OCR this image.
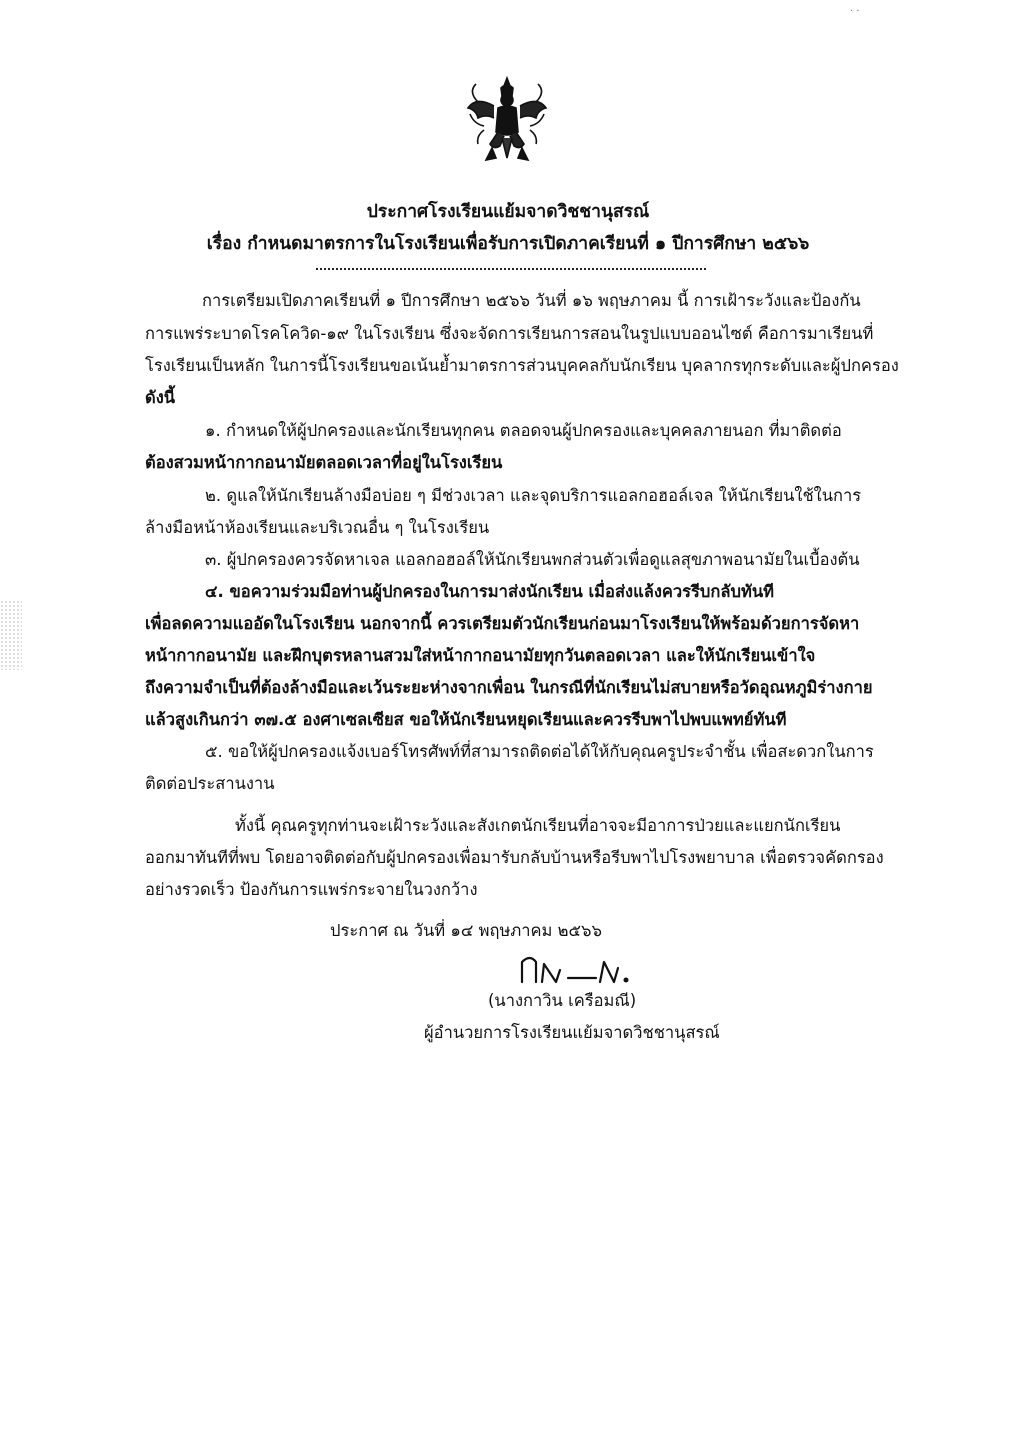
· ·
ประกาศโรงเรียนแย้มจาดวิชชานุสรณ์
เรื่อง กำหนดมาตรการในโรงเรียนเพื่อรับการเปิดภาคเรียนที่ ๑ ปีการศึกษา ๒๕๖๖
การเตรียมเปิดภาคเรียนที่ ๑ ปีการศึกษา ๒๕๖๖ วันที่ ๑๖ พฤษภาคม นี้ การเฝ้าระวังและป้องกัน
การแพร่ระบาดโรคโควิด-๑๙ ในโรงเรียน ซึ่งจะจัดการเรียนการสอนในรูปแบบออนไซต์ คือการมาเรียนที่
โรงเรียนเป็นหลัก ในการนี้โรงเรียนขอเน้นย้ำมาตรการส่วนบุคคลกับนักเรียน บุคลากรทุกระดับและผู้ปกครอง
ดังนี้
๑. กำหนดให้ผู้ปกครองและนักเรียนทุกคน ตลอดจนผู้ปกครองและบุคคลภายนอก ที่มาติดต่อ
ต้องสวมหน้ากากอนามัยตลอดเวลาที่อยู่ในโรงเรียน
๒. ดูแลให้นักเรียนล้างมือบ่อย ๆ มีช่วงเวลา และจุดบริการแอลกอฮอล์เจล ให้นักเรียนใช้ในการ
ล้างมือหน้าห้องเรียนและบริเวณอื่น ๆ ในโรงเรียน
๓. ผู้ปกครองควรจัดหาเจล แอลกอฮอล์ให้นักเรียนพกส่วนตัวเพื่อดูแลสุขภาพอนามัยในเบื้องต้น
๔. ขอความร่วมมือท่านผู้ปกครองในการมาส่งนักเรียน เมื่อส่งแล้งควรรีบกลับทันที
เพื่อลดความแออัดในโรงเรียน นอกจากนี้ ควรเตรียมตัวนักเรียนก่อนมาโรงเรียนให้พร้อมด้วยการจัดหา
หน้ากากอนามัย และฝึกบุตรหลานสวมใส่หน้ากากอนามัยทุกวันตลอดเวลา และให้นักเรียนเข้าใจ
ถึงความจำเป็นที่ต้องล้างมือและเว้นระยะห่างจากเพื่อน ในกรณีที่นักเรียนไม่สบายหรือวัดอุณหภูมิร่างกาย
แล้วสูงเกินกว่า ๓๗.๕ องศาเซลเซียส ขอให้นักเรียนหยุดเรียนและควรรีบพาไปพบแพทย์ทันที
๕. ขอให้ผู้ปกครองแจ้งเบอร์โทรศัพท์ที่สามารถติดต่อได้ให้กับคุณครูประจำชั้น เพื่อสะดวกในการ
ติดต่อประสานงาน
ทั้งนี้ คุณครูทุกท่านจะเฝ้าระวังและสังเกตนักเรียนที่อาจจะมีอาการป่วยและแยกนักเรียน
ออกมาทันทีที่พบ โดยอาจติดต่อกับผู้ปกครองเพื่อมารับกลับบ้านหรือรีบพาไปโรงพยาบาล เพื่อตรวจคัดกรอง
อย่างรวดเร็ว ป้องกันการแพร่กระจายในวงกว้าง
ประกาศ ณ วันที่ ๑๔ พฤษภาคม ๒๕๖๖
(นางกาวิน เครือมณี)
ผู้อำนวยการโรงเรียนแย้มจาดวิชชานุสรณ์
